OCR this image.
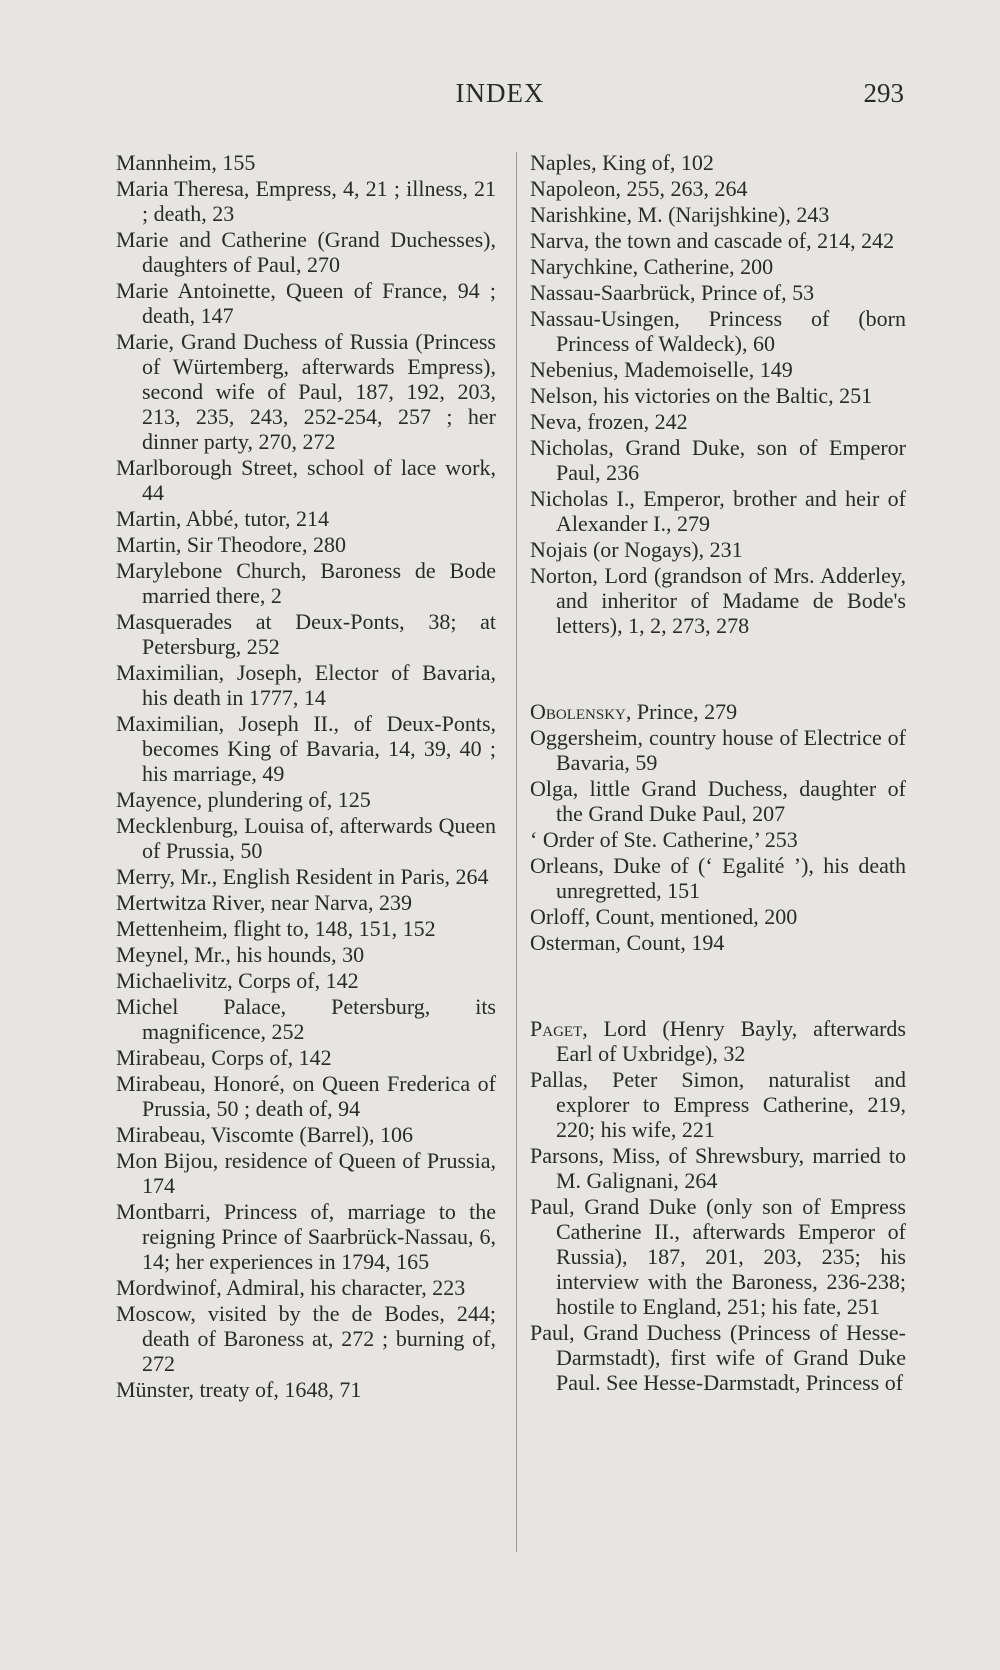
INDEX	293

Mannheim, 155

Maria Theresa, Empress, 4, 21 ; illness, 21 ; death, 23

Marie and Catherine (Grand Duchesses), daughters of Paul, 270

Marie Antoinette, Queen of France, 94 ; death, 147

Marie, Grand Duchess of Russia (Princess of Würtemberg, afterwards Empress), second wife of Paul, 187, 192, 203, 213, 235, 243, 252-254, 257 ; her dinner party, 270, 272

Marlborough Street, school of lace work, 44

Martin, Abbé, tutor, 214

Martin, Sir Theodore, 280

Marylebone Church, Baroness de Bode married there, 2

Masquerades at Deux-Ponts, 38; at Petersburg, 252

Maximilian, Joseph, Elector of Bavaria, his death in 1777, 14

Maximilian, Joseph II., of Deux-Ponts, becomes King of Bavaria, 14, 39, 40 ; his marriage, 49

Mayence, plundering of, 125

Mecklenburg, Louisa of, afterwards Queen of Prussia, 50

Merry, Mr., English Resident in Paris, 264

Mertwitza River, near Narva, 239

Mettenheim, flight to, 148, 151, 152

Meynel, Mr., his hounds, 30

Michaelivitz, Corps of, 142

Michel Palace, Petersburg, its magnificence, 252

Mirabeau, Corps of, 142

Mirabeau, Honoré, on Queen Frederica of Prussia, 50 ; death of, 94

Mirabeau, Viscomte (Barrel), 106

Mon Bijou, residence of Queen of Prussia, 174

Montbarri, Princess of, marriage to the reigning Prince of Saarbrück-Nassau, 6, 14; her experiences in 1794, 165

Mordwinof, Admiral, his character, 223

Moscow, visited by the de Bodes, 244; death of Baroness at, 272 ; burning of, 272

Münster, treaty of, 1648, 71

Naples, King of, 102

Napoleon, 255, 263, 264

Narishkine, M. (Narijshkine), 243

Narva, the town and cascade of, 214, 242

Narychkine, Catherine, 200

Nassau-Saarbrück, Prince of, 53

Nassau-Usingen, Princess of (born Princess of Waldeck), 60

Nebenius, Mademoiselle, 149

Nelson, his victories on the Baltic, 251

Neva, frozen, 242

Nicholas, Grand Duke, son of Emperor Paul, 236

Nicholas I., Emperor, brother and heir of Alexander I., 279

Nojais (or Nogays), 231

Norton, Lord (grandson of Mrs. Adderley, and inheritor of Madame de Bode's letters), 1, 2, 273, 278

Obolensky, Prince, 279

Oggersheim, country house of Electrice of Bavaria, 59

Olga, little Grand Duchess, daughter of the Grand Duke Paul, 207

‘ Order of Ste. Catherine,’ 253

Orleans, Duke of (‘ Egalité ’), his death unregretted, 151

Orloff, Count, mentioned, 200

Osterman, Count, 194

Paget, Lord (Henry Bayly, afterwards Earl of Uxbridge), 32

Pallas, Peter Simon, naturalist and explorer to Empress Catherine, 219, 220; his wife, 221

Parsons, Miss, of Shrewsbury, married to M. Galignani, 264

Paul, Grand Duke (only son of Empress Catherine II., afterwards Emperor of Russia), 187, 201, 203, 235; his interview with the Baroness, 236-238; hostile to England, 251; his fate, 251

Paul, Grand Duchess (Princess of Hesse-Darmstadt), first wife of Grand Duke Paul. See Hesse-Darmstadt, Princess of
